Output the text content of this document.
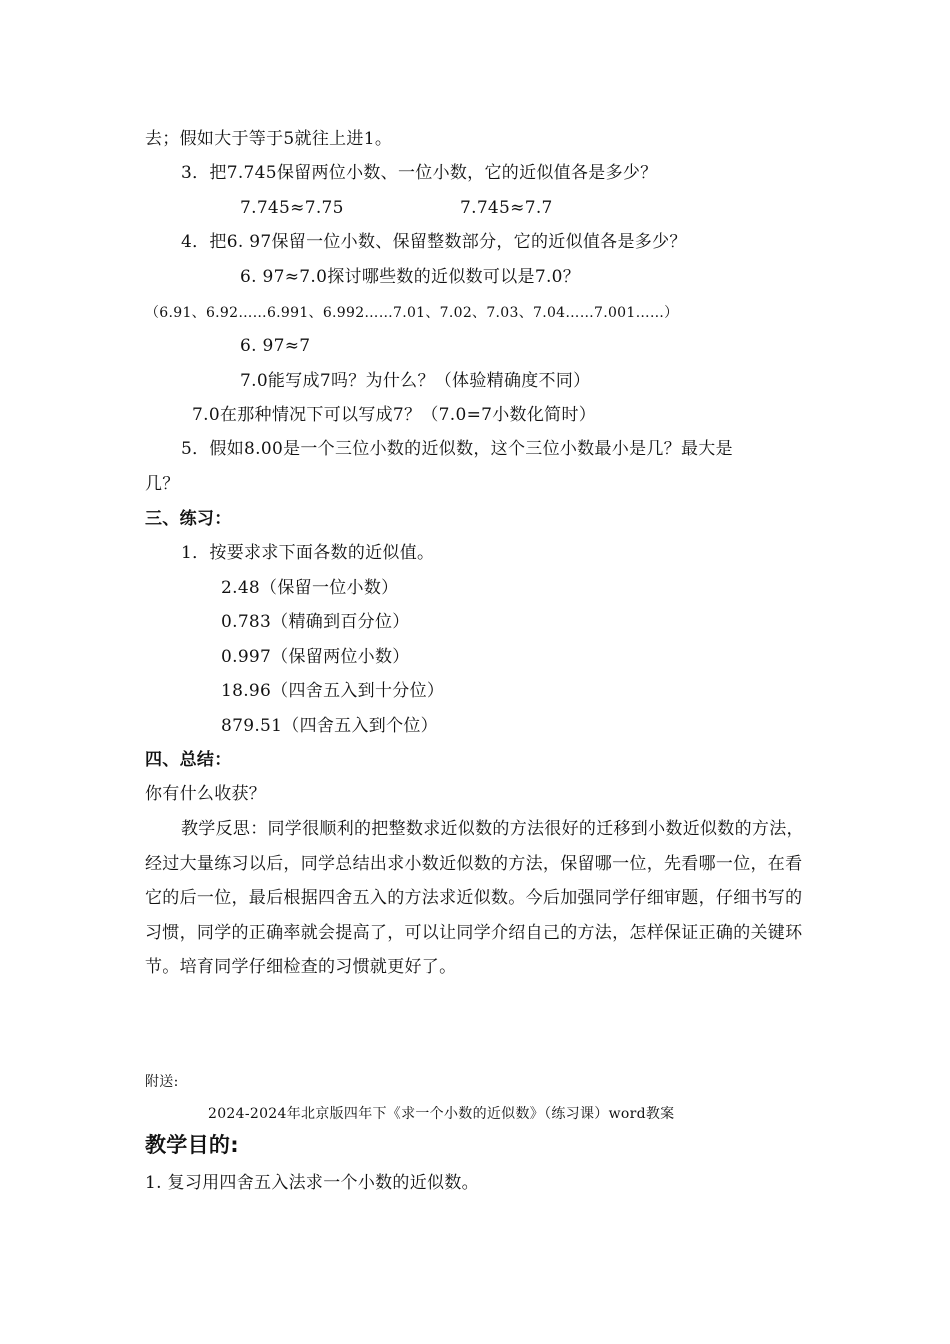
去；假如大于等于5就往上进1。
3．把7.745保留两位小数、一位小数，它的近似值各是多少？
7.745≈7.75	7.745≈7.7
4．把6. 97保留一位小数、保留整数部分，它的近似值各是多少？
6. 97≈7.0探讨哪些数的近似数可以是7.0？
（6.91、6.92……6.991、6.992……7.01、7.02、7.03、7.04……7.001……）
6. 97≈7
7.0能写成7吗？为什么？（体验精确度不同）
7.0在那种情况下可以写成7？（7.0=7小数化简时）
5．假如8.00是一个三位小数的近似数，这个三位小数最小是几？最大是
几？
三、练习：
1．按要求求下面各数的近似值。
2.48（保留一位小数）
0.783（精确到百分位）
0.997（保留两位小数）
18.96（四舍五入到十分位）
879.51（四舍五入到个位）
四、总结：
你有什么收获？
教学反思：同学很顺利的把整数求近似数的方法很好的迁移到小数近似数的方法，经过大量练习以后，同学总结出求小数近似数的方法，保留哪一位，先看哪一位，在看它的后一位，最后根据四舍五入的方法求近似数。今后加强同学仔细审题，仔细书写的习惯，同学的正确率就会提高了，可以让同学介绍自己的方法，怎样保证正确的关键环节。培育同学仔细检查的习惯就更好了。
附送:
2024-2024年北京版四年下《求一个小数的近似数》（练习课）word教案
教学目的:
1. 复习用四舍五入法求一个小数的近似数。
